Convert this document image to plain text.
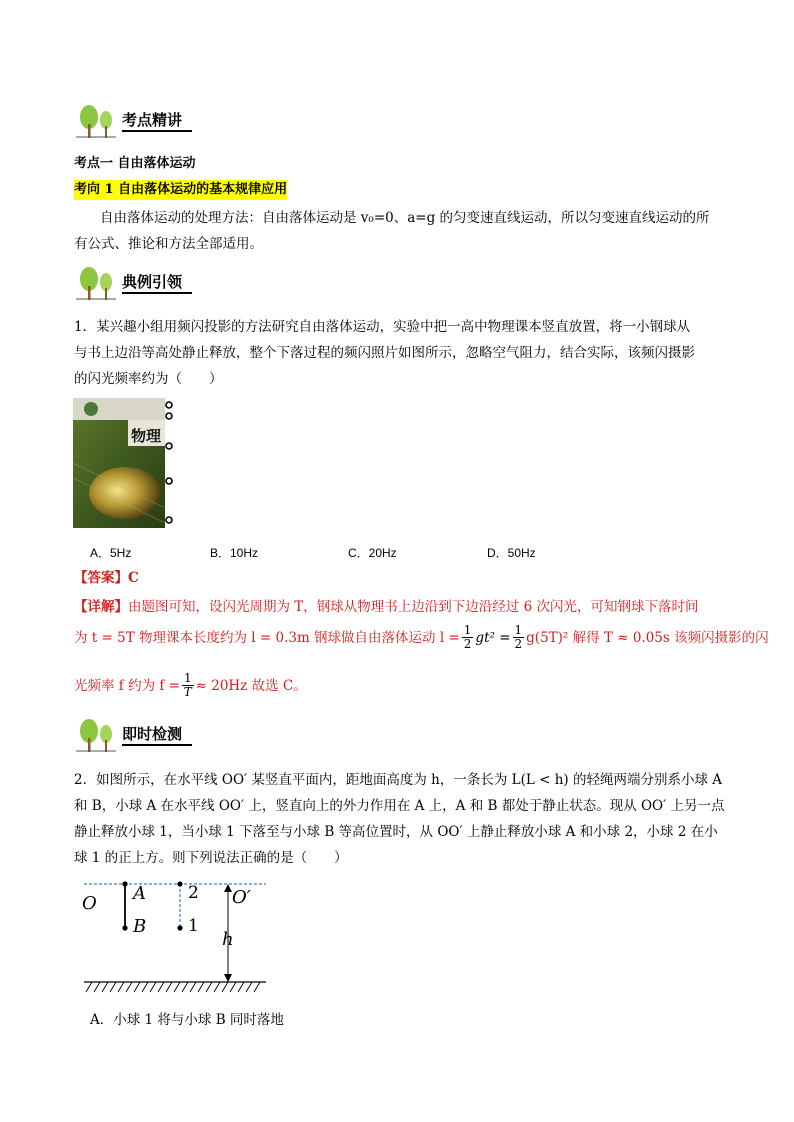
考点精讲
考点一 自由落体运动
考向 1 自由落体运动的基本规律应用
自由落体运动的处理方法：自由落体运动是 v₀=0、a=g 的匀变速直线运动，所以匀变速直线运动的所
有公式、推论和方法全部适用。
典例引领
1．某兴趣小组用频闪投影的方法研究自由落体运动，实验中把一高中物理课本竖直放置，将一小钢球从
与书上边沿等高处静止释放，整个下落过程的频闪照片如图所示，忽略空气阻力，结合实际，该频闪摄影
的闪光频率约为（　　）
物理
A．5Hz	B．10Hz	C．20Hz	D．50Hz
【答案】C
【详解】由题图可知，设闪光周期为 T，钢球从物理书上边沿到下边沿经过 6 次闪光，可知钢球下落时间
为 t = 5T 物理课本长度约为 l = 0.3m 钢球做自由落体运动 $l = \frac{1}{2} gt^2 = \frac{1}{2} g(5T)^2$ 解得 T ≈ 0.05s 该频闪摄影的闪
光频率 f 约为 $f = \frac{1}{T} \approx 20Hz$ 故选 C。
即时检测
2．如图所示，在水平线 OO′ 某竖直平面内，距地面高度为 h，一条长为 L(L < h) 的轻绳两端分别系小球 A
和 B，小球 A 在水平线 OO′ 上，竖直向上的外力作用在 A 上，A 和 B 都处于静止状态。现从 OO′ 上另一点
静止释放小球 1，当小球 1 下落至与小球 B 等高位置时，从 OO′ 上静止释放小球 A 和小球 2，小球 2 在小
球 1 的正上方。则下列说法正确的是（　　）
O A
B
2
1
O′
h
A．小球 1 将与小球 B 同时落地
